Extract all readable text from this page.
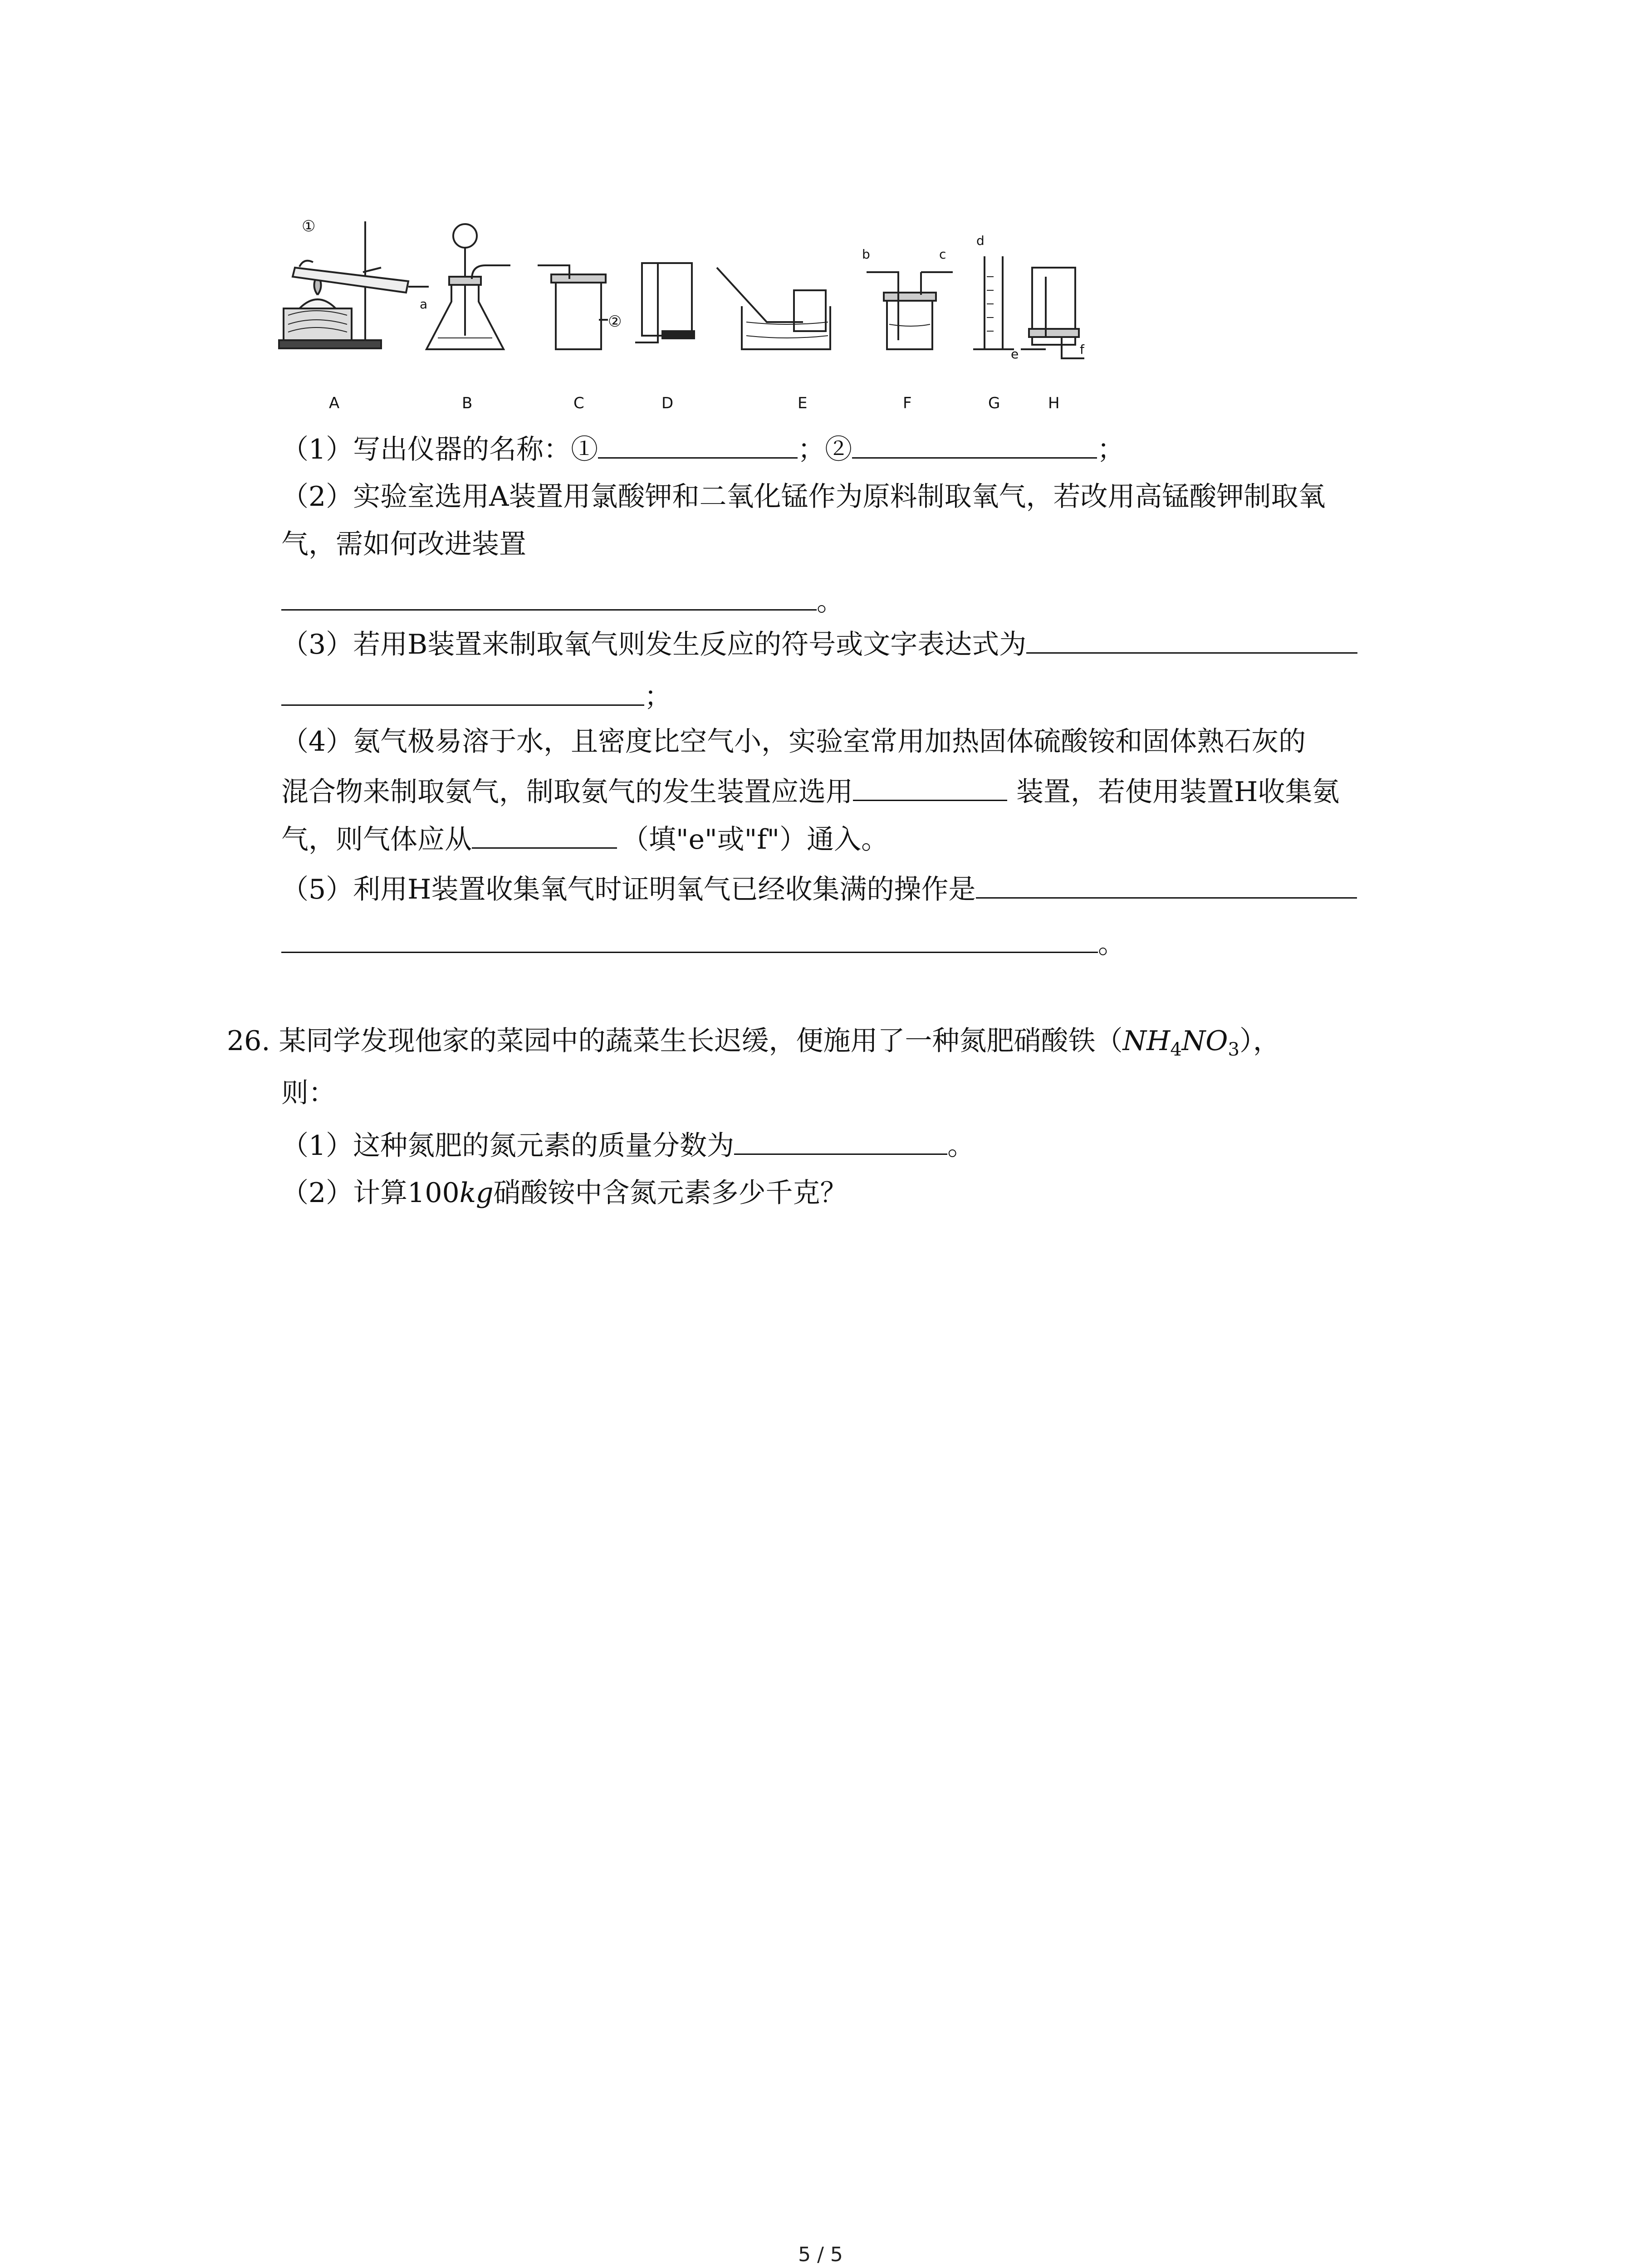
A	B	C	D	E	F	G	H
①
②
a
b	c
d
e	f
（1）写出仪器的名称：①	；②	；
（2）实验室选用A装置用氯酸钾和二氧化锰作为原料制取氧气，若改用高锰酸钾制取氧
气，需如何改进装置
。
（3）若用B装置来制取氧气则发生反应的符号或文字表达式为
；
（4）氨气极易溶于水，且密度比空气小，实验室常用加热固体硫酸铵和固体熟石灰的
混合物来制取氨气，制取氨气的发生装置应选用	装置，若使用装置H收集氨
气，则气体应从	（填"e"或"f"）通入。
（5）利用H装置收集氧气时证明氧气已经收集满的操作是
。
26. 某同学发现他家的菜园中的蔬菜生长迟缓，便施用了一种氮肥硝酸铁$(NH_4NO_3)$，
则：
（1）这种氮肥的氮元素的质量分数为	。
（2）计算100kg硝酸铵中含氮元素多少千克？
5 / 5
